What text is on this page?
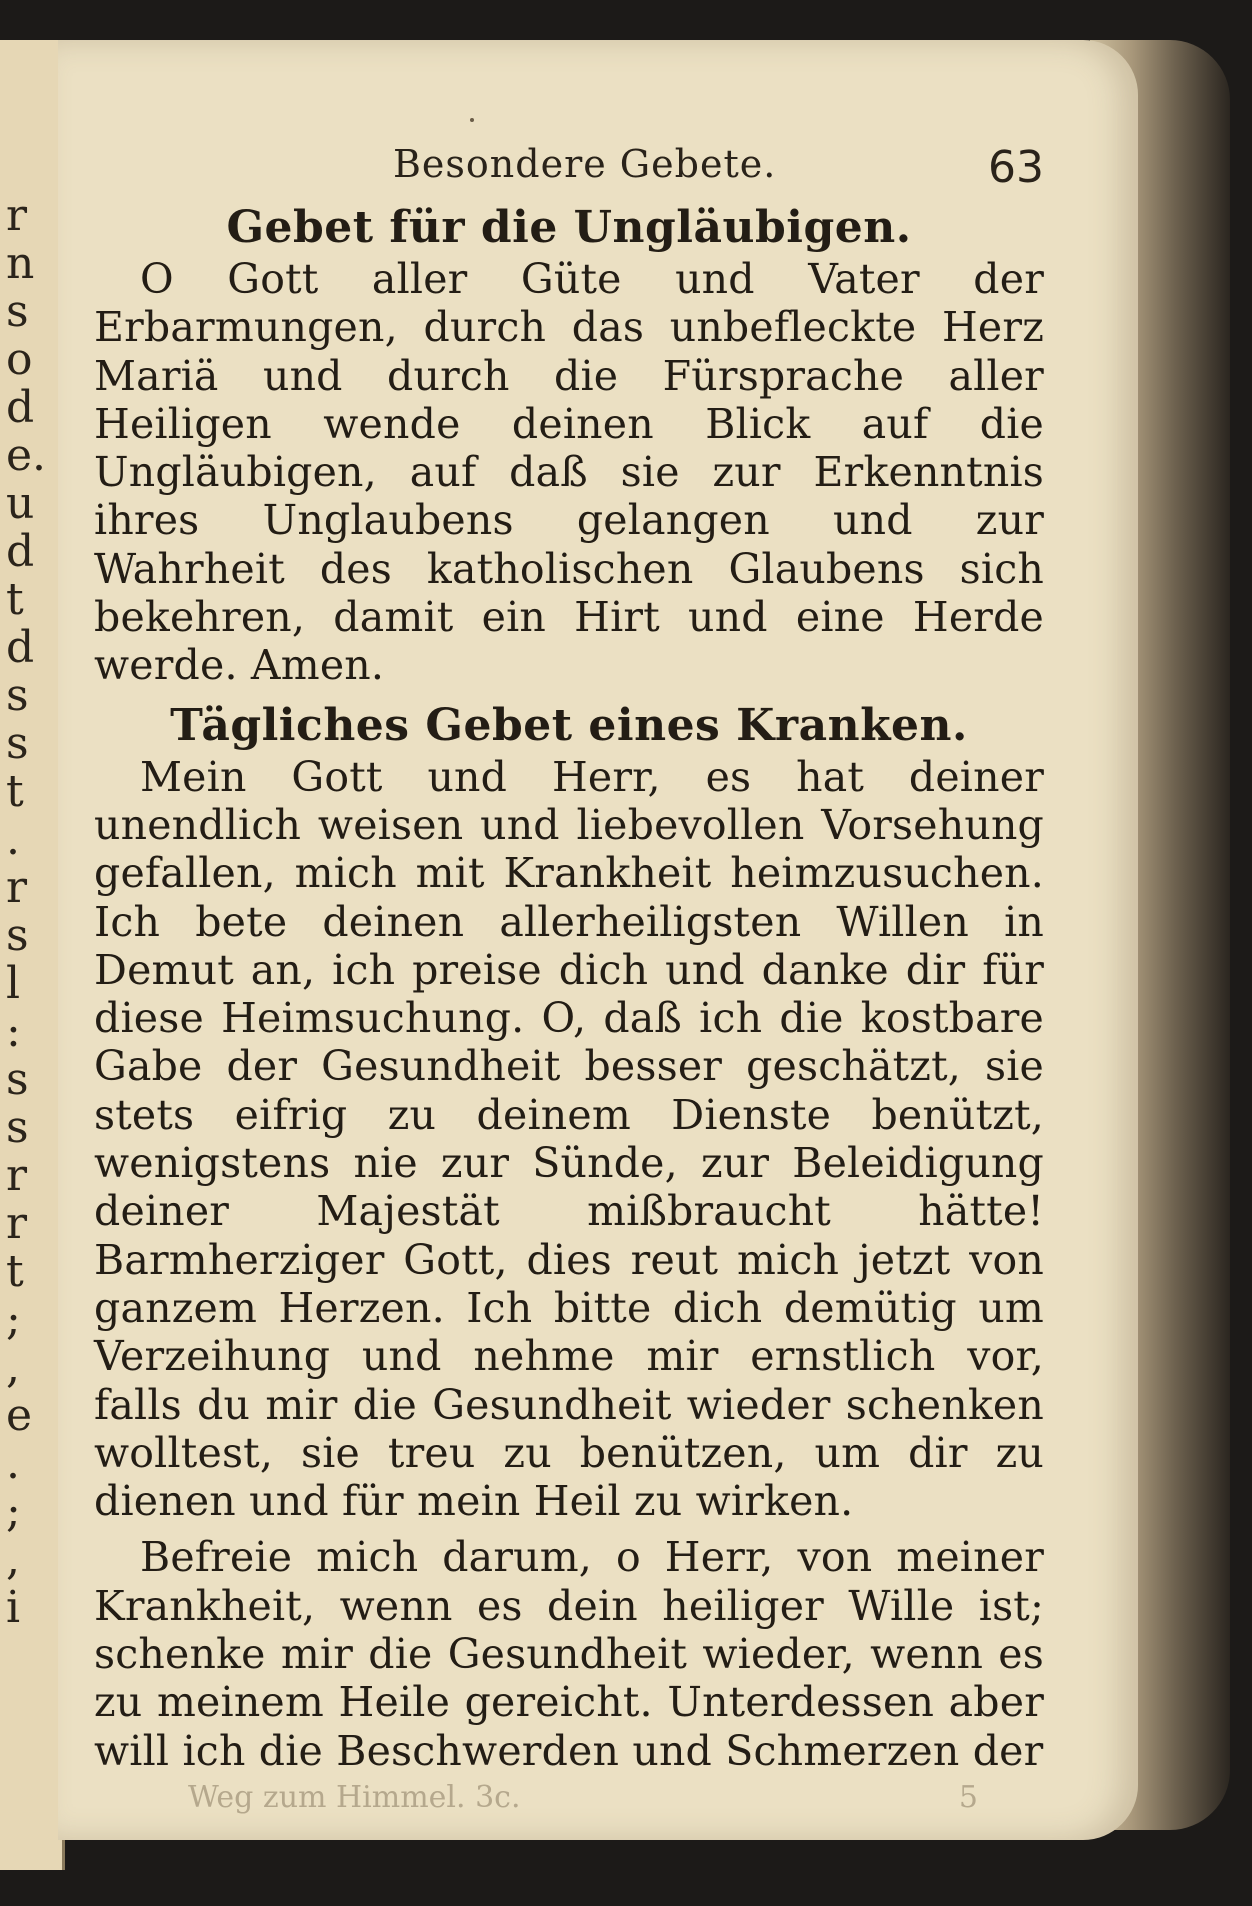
r
n
s
o
d
e.
u
d
t
d
s
s
t
.
r
s
l
:
s
s
r
r
t
;
,
e
.
;
,
i
Besondere Gebete.	63
Gebet für die Ungläubigen.

O Gott aller Güte und Vater der Erbarmungen, durch das unbefleckte Herz Mariä und durch die Fürsprache aller Heiligen wende deinen Blick auf die Ungläubigen, auf daß sie zur Erkenntnis ihres Unglaubens gelangen und zur Wahrheit des katholischen Glaubens sich bekehren, damit ein Hirt und eine Herde werde. Amen.

Tägliches Gebet eines Kranken.

Mein Gott und Herr, es hat deiner unendlich weisen und liebevollen Vorsehung gefallen, mich mit Krankheit heimzusuchen. Ich bete deinen allerheiligsten Willen in Demut an, ich preise dich und danke dir für diese Heimsuchung. O, daß ich die kostbare Gabe der Gesundheit besser geschätzt, sie stets eifrig zu deinem Dienste benützt, wenigstens nie zur Sünde, zur Beleidigung deiner Majestät mißbraucht hätte! Barmherziger Gott, dies reut mich jetzt von ganzem Herzen. Ich bitte dich demütig um Verzeihung und nehme mir ernstlich vor, falls du mir die Gesundheit wieder schenken wolltest, sie treu zu benützen, um dir zu dienen und für mein Heil zu wirken.

Befreie mich darum, o Herr, von meiner Krankheit, wenn es dein heiliger Wille ist; schenke mir die Gesundheit wieder, wenn es zu meinem Heile gereicht. Unterdessen aber will ich die Beschwerden und Schmerzen der

Weg zum Himmel. 3c.	5
